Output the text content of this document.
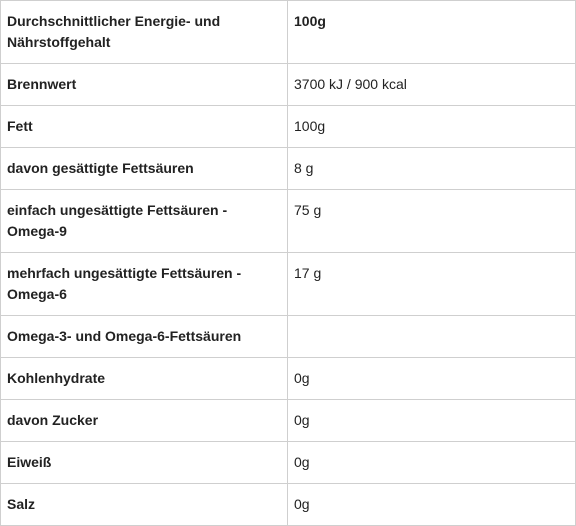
Durchschnittlicher Energie- und Nährstoffgehalt	100g
Brennwert	3700 kJ / 900 kcal
Fett	100g
davon gesättigte Fettsäuren	8 g
einfach ungesättigte Fettsäuren - Omega-9	75 g
mehrfach ungesättigte Fettsäuren - Omega-6	17 g
Omega-3- und Omega-6-Fettsäuren	
Kohlenhydrate	0g
davon Zucker	0g
Eiweiß	0g
Salz	0g
